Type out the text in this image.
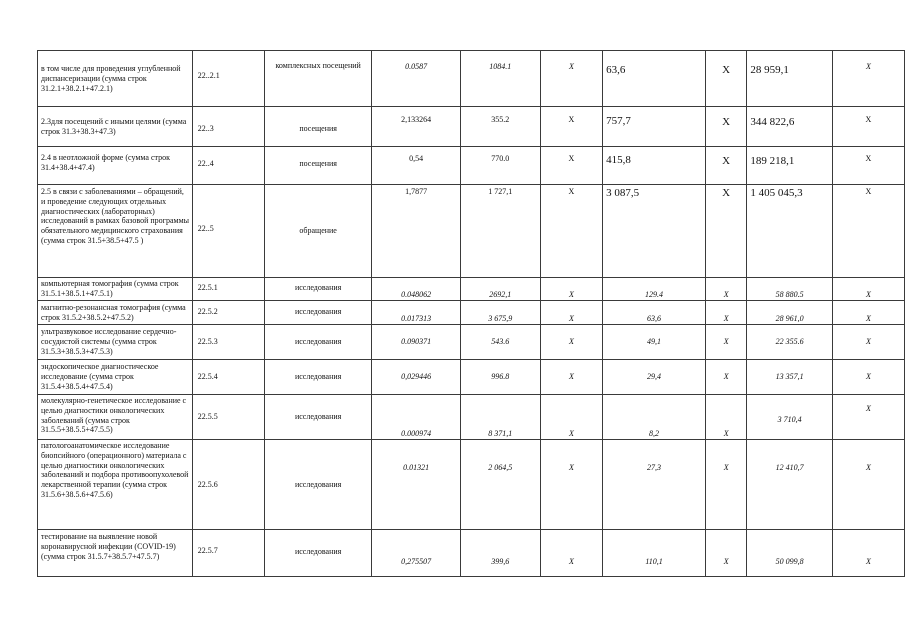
в том числе для проведения углубленной диспансеризации (сумма строк 31.2.1+38.2.1+47.2.1)	22..2.1	комплексных посещений	0.0587	1084.1	Х	63,6	Х	28 959,1	Х

2.3для посещений с иными целями (сумма строк 31.3+38.3+47.3)	22..3	посещения	2,133264	355.2	Х	757,7	Х	344 822,6	Х

2.4 в неотложной форме (сумма строк 31.4+38.4+47.4)	22..4	посещения	0,54	770.0	Х	415,8	Х	189 218,1	Х

2.5 в связи с заболеваниями – обращений, и проведение следующих отдельных диагностических (лабораторных) исследований в рамках базовой программы обязательного медицинского страхования (сумма строк 31.5+38.5+47.5 )	22..5	обращение	1,7877	1 727,1	Х	3 087,5	Х	1 405 045,3	Х

компьютерная томография (сумма строк 31.5.1+38.5.1+47.5.1)	22.5.1	исследования	0.048062	2692,1	Х	129.4	Х	58 880.5	Х

магнитно-резонансная томография (сумма строк 31.5.2+38.5.2+47.5.2)	22.5.2	исследования	0.017313	3 675,9	Х	63,6	Х	28 961,0	Х

ультразвуковое исследование сердечно-сосудистой системы (сумма строк 31.5.3+38.5.3+47.5.3)	22.5.3	исследования	0.090371	543.6	Х	49,1	Х	22 355.6	Х

эндоскопическое диагностическое исследование (сумма строк 31.5.4+38.5.4+47.5.4)	22.5.4	исследования	0,029446	996.8	Х	29,4	Х	13 357,1	Х

молекулярно-генетическое исследование с целью диагностики онкологических заболеваний (сумма строк 31.5.5+38.5.5+47.5.5)	22.5.5	исследования	0.000974	8 371,1	Х	8,2	Х	3 710,4	Х

патологоанатомическое исследование биопсийного (операционного) материала с целью диагностики онкологических заболеваний и подбора противоопухолевой лекарственной терапии (сумма строк 31.5.6+38.5.6+47.5.6)	22.5.6	исследования	0.01321	2 064,5	Х	27,3	Х	12 410,7	Х

тестирование на выявление новой коронавирусной инфекции (COVID-19) (сумма строк 31.5.7+38.5.7+47.5.7)	22.5.7	исследования	0,275507	399,6	Х	110,1	Х	50 099,8	Х
